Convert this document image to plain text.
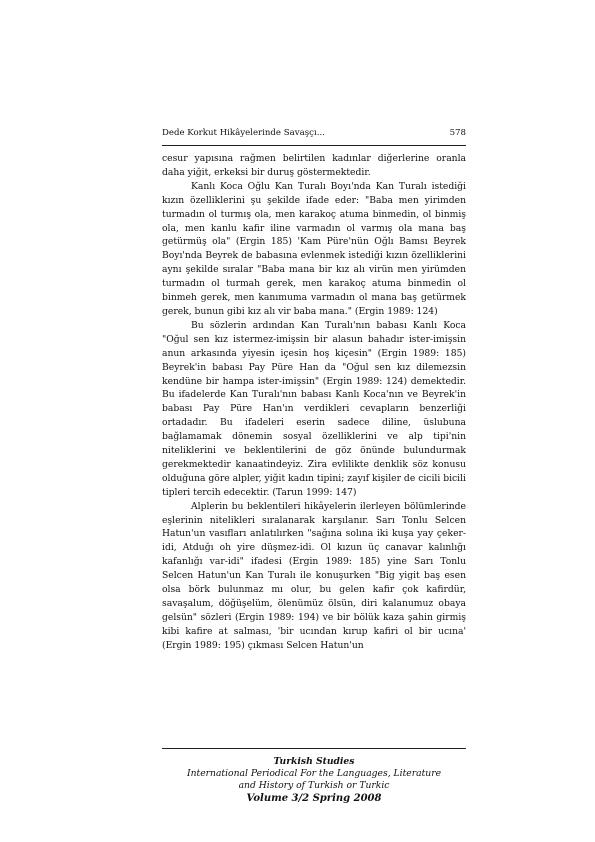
Dede Korkut Hikâyelerinde Savaşçı...	578

cesur yapısına rağmen belirtilen kadınlar diğerlerine oranla daha yiğit, erkeksi bir duruş göstermektedir.

Kanlı Koca Oğlu Kan Turalı Boyı'nda Kan Turalı istediği kızın özelliklerini şu şekilde ifade eder: "Baba men yirimden turmadın ol turmış ola, men karakoç atuma binmedin, ol binmiş ola, men kanlu kafir iline varmadın ol varmış ola mana baş getürmüş ola" (Ergin 185) 'Kam Püre'nün Oğlı Bamsı Beyrek Boyı'nda Beyrek de babasına evlenmek istediği kızın özelliklerini aynı şekilde sıralar "Baba mana bir kız alı virün men yirümden turmadın ol turmah gerek, men karakoç atuma binmedin ol binmeh gerek, men kanımuma varmadın ol mana baş getürmek gerek, bunun gibi kız alı vir baba mana." (Ergin 1989: 124)

Bu sözlerin ardından Kan Turalı'nın babası Kanlı Koca "Oğul sen kız istermez-imişsin bir alasun bahadır ister-imişsin anun arkasında yiyesin içesin hoş kiçesin" (Ergin 1989: 185) Beyrek'in babası Pay Püre Han da "Oğul sen kız dilemezsin kendüne bir hampa ister-imişsin" (Ergin 1989: 124) demektedir. Bu ifadelerde Kan Turalı'nın babası Kanlı Koca'nın ve Beyrek'in babası Pay Püre Han'ın verdikleri cevapların benzerliği ortadadır. Bu ifadeleri eserin sadece diline, üslubuna bağlamamak dönemin sosyal özelliklerini ve alp tipi'nin niteliklerini ve beklentilerini de göz önünde bulundurmak gerekmektedir kanaatindeyiz. Zira evlilikte denklik söz konusu olduğuna göre alpler, yiğit kadın tipini; zayıf kişiler de cicili bicili tipleri tercih edecektir. (Tarun 1999: 147)

Alplerin bu beklentileri hikâyelerin ilerleyen bölümlerinde eşlerinin nitelikleri sıralanarak karşılanır. Sarı Tonlu Selcen Hatun'un vasıfları anlatılırken "sağına solına iki kuşa yay çeker-idi, Atduğı oh yire düşmez-idi. Ol kızun üç canavar kalınlığı kafanlığı var-idi" ifadesi (Ergin 1989: 185) yine Sarı Tonlu Selcen Hatun'un Kan Turalı ile konuşurken "Big yigit baş esen olsa börk bulunmaz mı olur, bu gelen kafir çok kafirdür, savaşalum, döğüşelüm, ölenümüz ölsün, diri kalanumuz obaya gelsün" sözleri (Ergin 1989: 194) ve bir bölük kaza şahin girmiş kibi kafire at salması, 'bir ucından kırup kafiri ol bir ucına' (Ergin 1989: 195) çıkması Selcen Hatun'un

Turkish Studies
International Periodical For the Languages, Literature
and History of Turkish or Turkic
Volume 3/2 Spring 2008
